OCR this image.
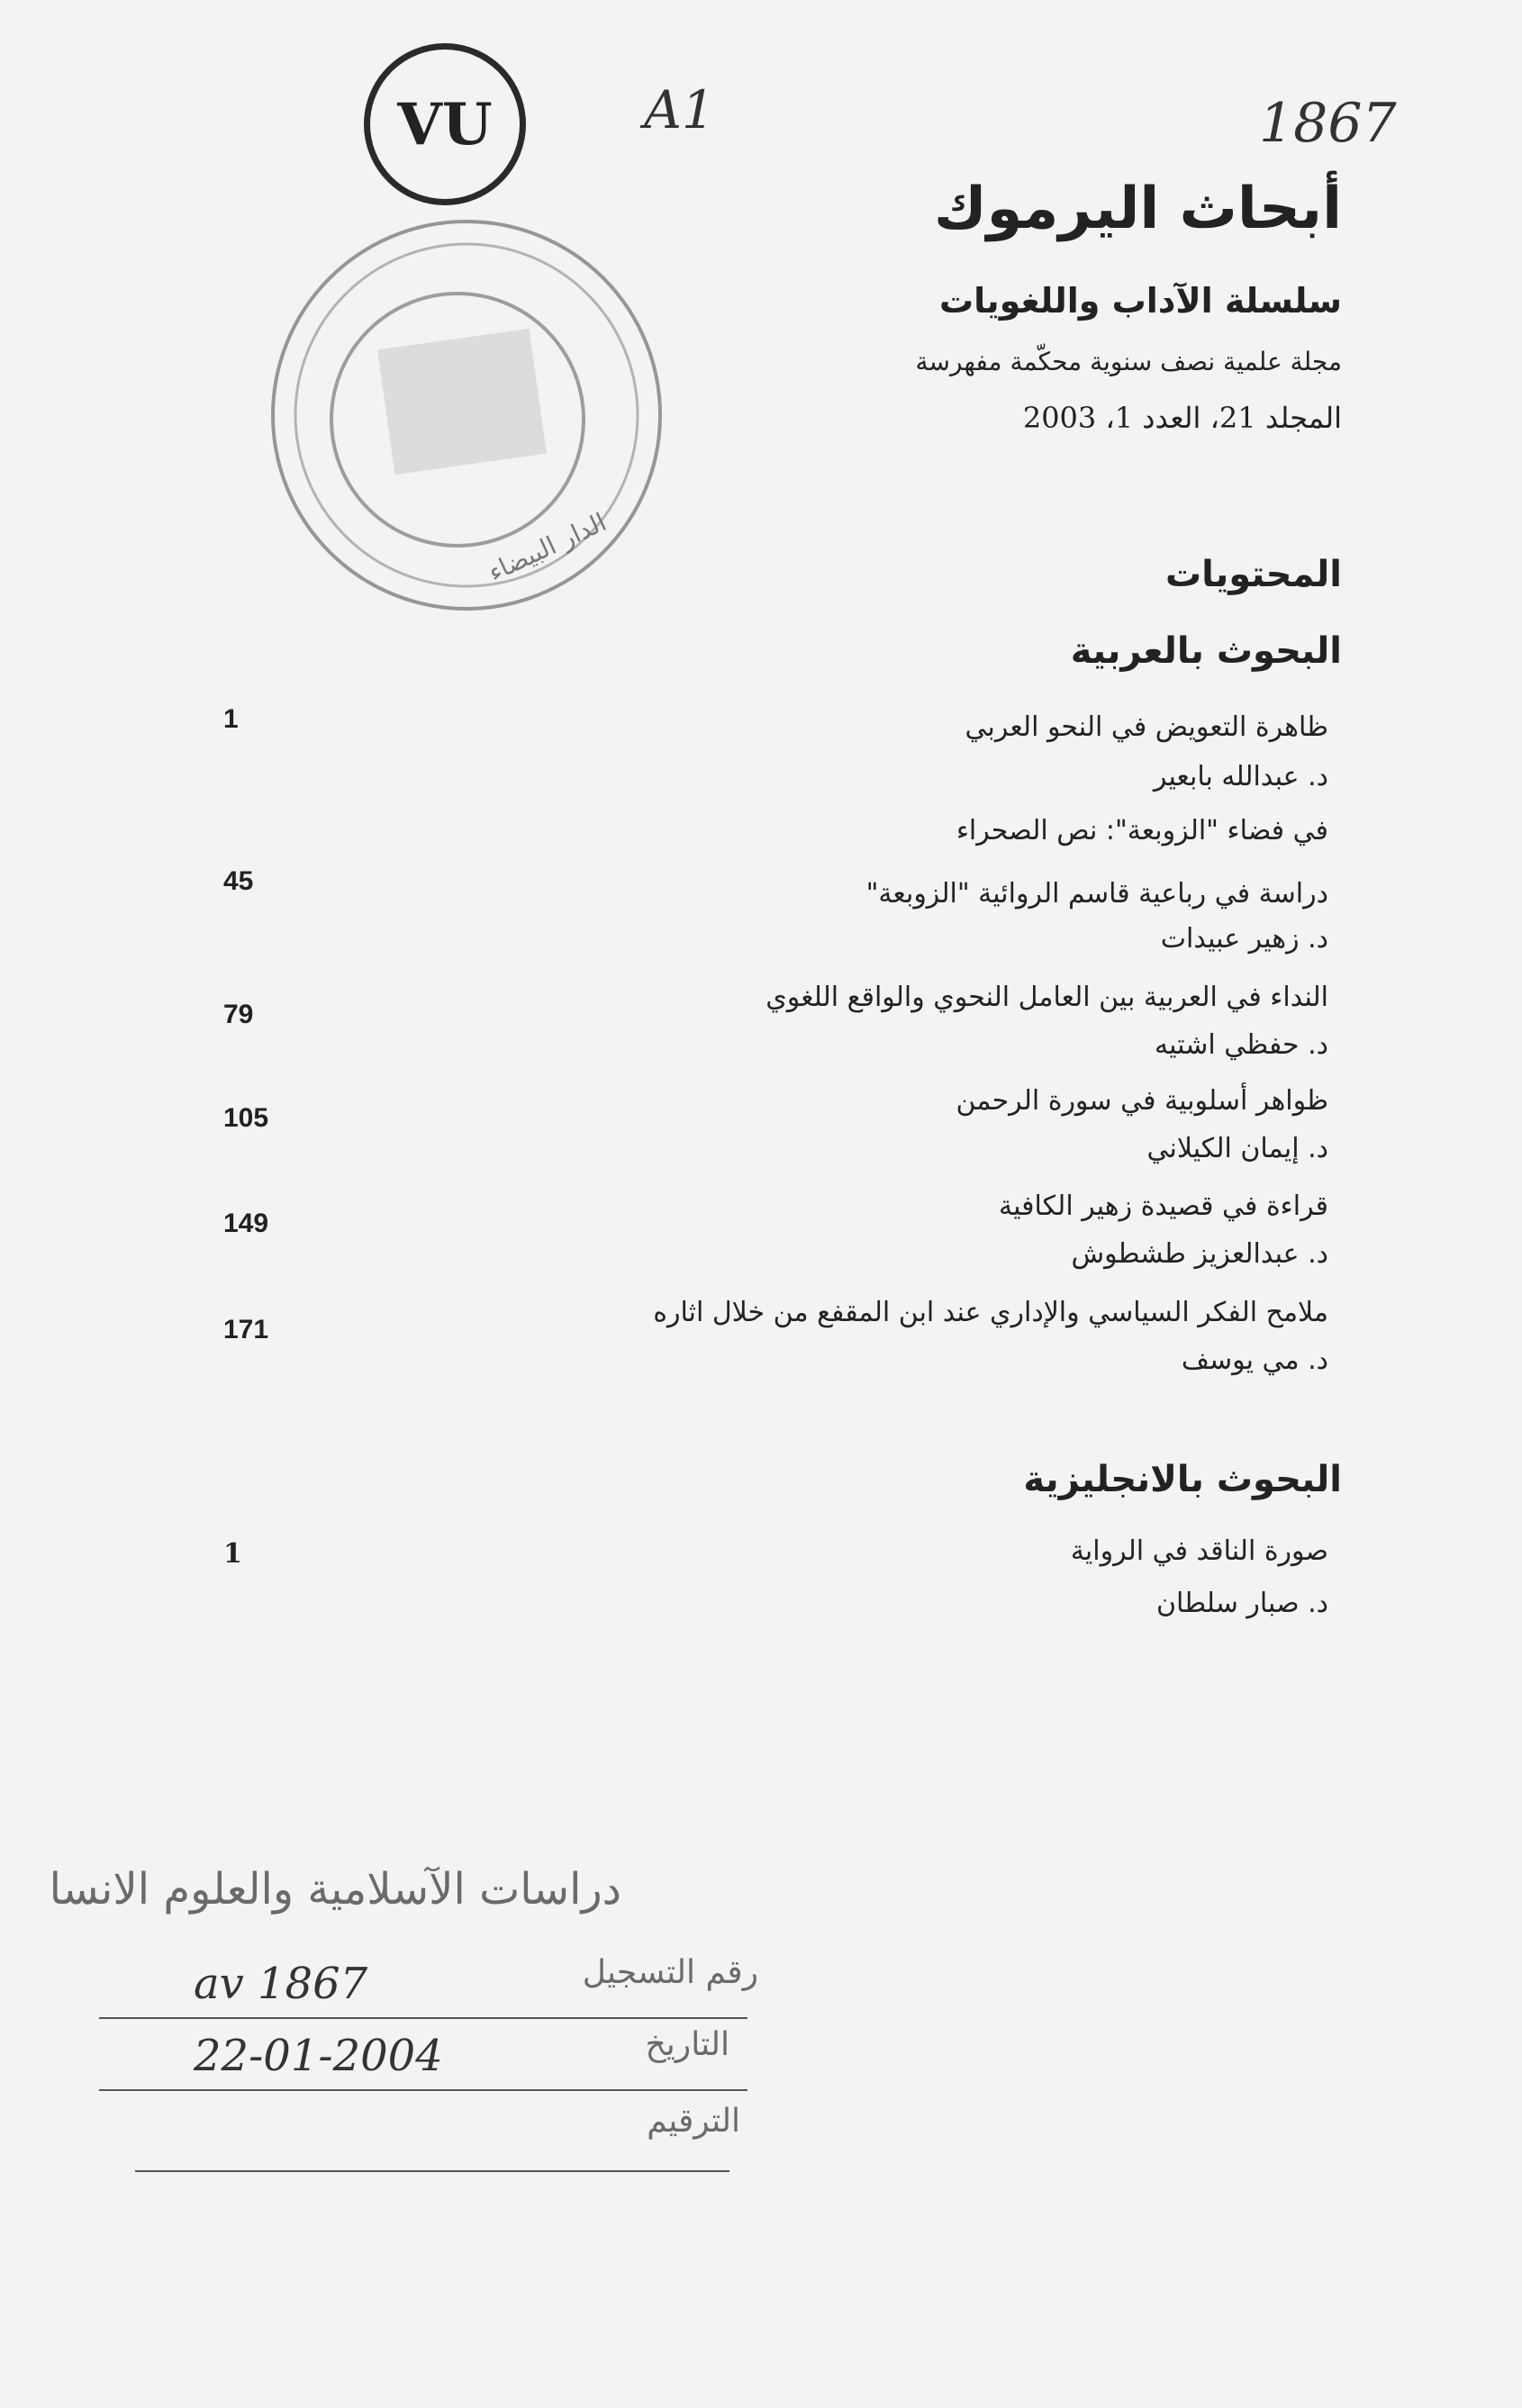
VU	A1	1867
الدار البيضاء
أبحاث اليرموك
سلسلة الآداب واللغويات
مجلة علمية نصف سنوية محكّمة مفهرسة
المجلد 21، العدد 1، 2003
المحتويات
البحوث بالعربية
ظاهرة التعويض في النحو العربي
د. عبدالله بابعير
1
في فضاء "الزوبعة": نص الصحراء
دراسة في رباعية قاسم الروائية "الزوبعة"
د. زهير عبيدات
45
النداء في العربية بين العامل النحوي والواقع اللغوي
د. حفظي اشتيه
79
ظواهر أسلوبية في سورة الرحمن
د. إيمان الكيلاني
105
قراءة في قصيدة زهير الكافية
د. عبدالعزيز طشطوش
149
ملامح الفكر السياسي والإداري عند ابن المقفع من خلال اثاره
د. مي يوسف
171
البحوث بالانجليزية
صورة الناقد في الرواية
د. صبار سلطان
1
دراسات الآسلامية والعلوم الانسا
رقم التسجيل
av 1867
التاريخ
22-01-2004
الترقيم
